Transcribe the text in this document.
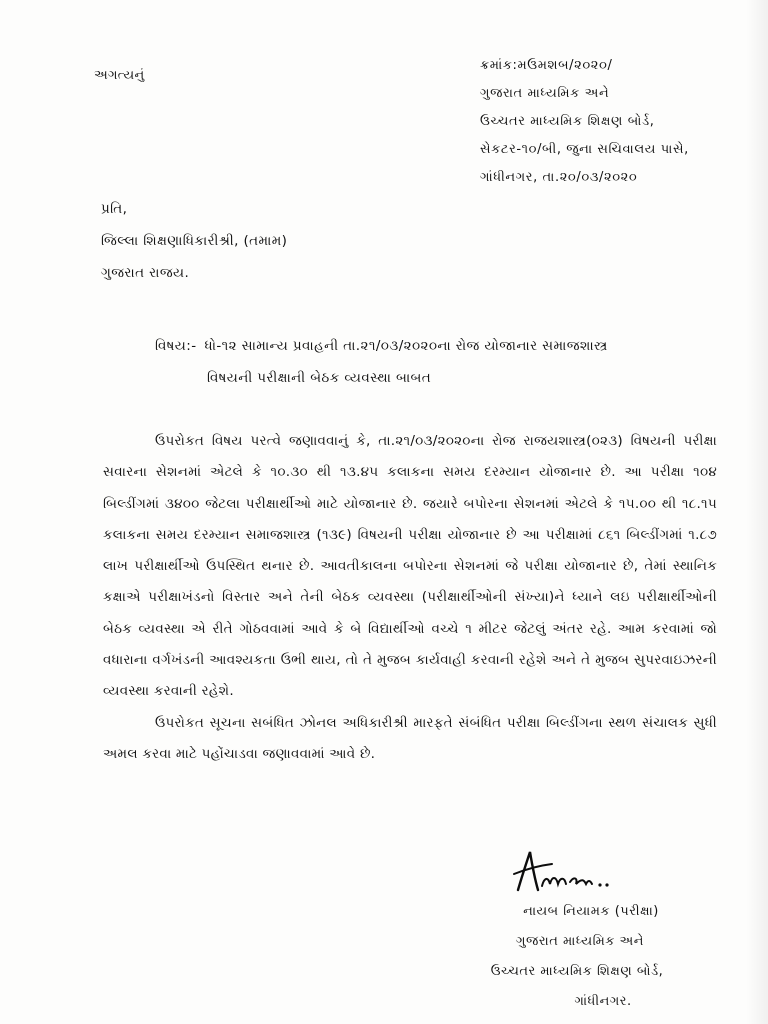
અગત્યનું
ક્રમાંક:મઉમશબ/૨૦૨૦/
ગુજરાત માધ્યમિક અને
ઉચ્ચતર માધ્યમિક શિક્ષણ બોર્ડ,
સેકટર-૧૦/બી, જુના સચિવાલય પાસે,
ગાંધીનગર, તા.૨૦/૦૩/૨૦૨૦
પ્રતિ,
જિલ્લા શિક્ષણાધિકારીશ્રી, (તમામ)
ગુજરાત રાજય.
વિષય:- ધો-૧૨ સામાન્ય પ્રવાહની તા.૨૧/૦૩/૨૦૨૦ના રોજ યોજાનાર સમાજશાસ્ત્ર
વિષયની પરીક્ષાની બેઠક વ્યવસ્થા બાબત

ઉપરોકત વિષય પરત્વે જણાવવાનું કે, તા.૨૧/૦૩/૨૦૨૦ના રોજ રાજયશાસ્ત્ર(૦૨૩) વિષયની પરીક્ષા સવારના સેશનમાં એટલે કે ૧૦.૩૦ થી ૧૩.૪૫ કલાકના સમય દરમ્યાન યોજાનાર છે. આ પરીક્ષા ૧૦૪ બિલ્ડીંગમાં ૩૪૦૦ જેટલા પરીક્ષાર્થીઓ માટે યોજાનાર છે. જયારે બપોરના સેશનમાં એટલે કે ૧૫.૦૦ થી ૧૮.૧૫ કલાકના સમય દરમ્યાન સમાજશાસ્ત્ર (૧૩૯) વિષયની પરીક્ષા યોજાનાર છે આ પરીક્ષામાં ૮૬૧ બિલ્ડીંગમાં ૧.૮૭ લાખ પરીક્ષાર્થીઓ ઉપસ્થિત થનાર છે. આવતીકાલના બપોરના સેશનમાં જે પરીક્ષા યોજાનાર છે, તેમાં સ્થાનિક કક્ષાએ પરીક્ષાખંડનો વિસ્તાર અને તેની બેઠક વ્યવસ્થા (પરીક્ષાર્થીઓની સંખ્યા)ને ધ્યાને લઇ પરીક્ષાર્થીઓની બેઠક વ્યવસ્થા એ રીતે ગોઠવવામાં આવે કે બે વિદ્યાર્થીઓ વચ્ચે ૧ મીટર જેટલું અંતર રહે. આમ કરવામાં જો વધારાના વર્ગખંડની આવશ્યકતા ઉભી થાય, તો તે મુજબ કાર્યવાહી કરવાની રહેશે અને તે મુજબ સુપરવાઇઝરની વ્યવસ્થા કરવાની રહેશે.

ઉપરોકત સૂચના સબંધિત ઝોનલ અધિકારીશ્રી મારફતે સંબંધિત પરીક્ષા બિલ્ડીંગના સ્થળ સંચાલક સુધી અમલ કરવા માટે પહોંચાડવા જણાવવામાં આવે છે.

નાયબ નિયામક (પરીક્ષા)
ગુજરાત માધ્યમિક અને
ઉચ્ચતર માધ્યમિક શિક્ષણ બોર્ડ,
ગાંધીનગર.
